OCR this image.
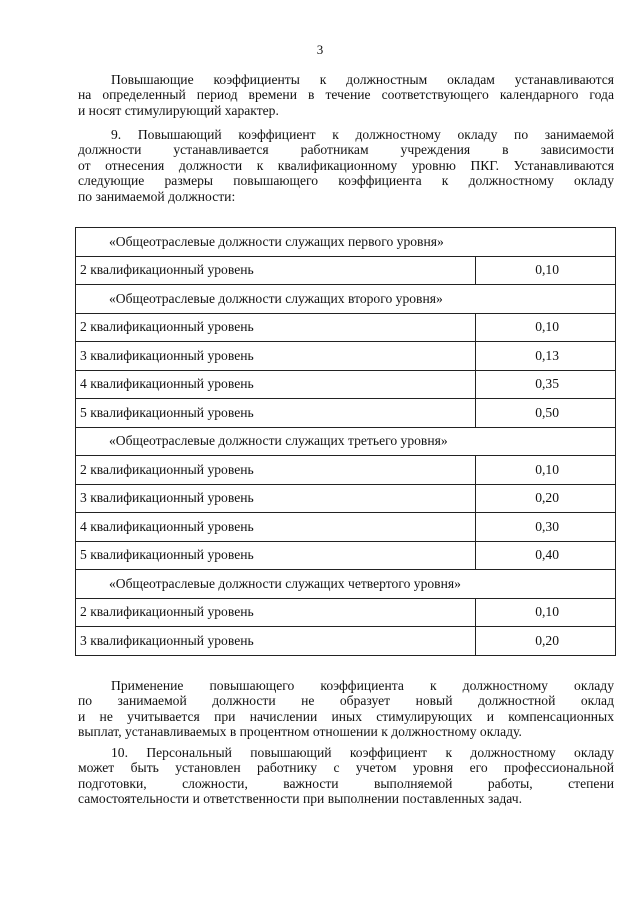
3
Повышающие коэффициенты к должностным окладам устанавливаются
на определенный период времени в течение соответствующего календарного года
и носят стимулирующий характер.
9. Повышающий коэффициент к должностному окладу по занимаемой
должности устанавливается работникам учреждения в зависимости
от отнесения должности к квалификационному уровню ПКГ. Устанавливаются
следующие размеры повышающего коэффициента к должностному окладу
по занимаемой должности:
«Общеотраслевые должности служащих первого уровня»	
2 квалификационный уровень	0,10
«Общеотраслевые должности служащих второго уровня»	
2 квалификационный уровень	0,10
3 квалификационный уровень	0,13
4 квалификационный уровень	0,35
5 квалификационный уровень	0,50
«Общеотраслевые должности служащих третьего уровня»	
2 квалификационный уровень	0,10
3 квалификационный уровень	0,20
4 квалификационный уровень	0,30
5 квалификационный уровень	0,40
«Общеотраслевые должности служащих четвертого уровня»	
2 квалификационный уровень	0,10
3 квалификационный уровень	0,20
Применение повышающего коэффициента к должностному окладу
по занимаемой должности не образует новый должностной оклад
и не учитывается при начислении иных стимулирующих и компенсационных
выплат, устанавливаемых в процентном отношении к должностному окладу.
10. Персональный повышающий коэффициент к должностному окладу
может быть установлен работнику с учетом уровня его профессиональной
подготовки, сложности, важности выполняемой работы, степени
самостоятельности и ответственности при выполнении поставленных задач.
